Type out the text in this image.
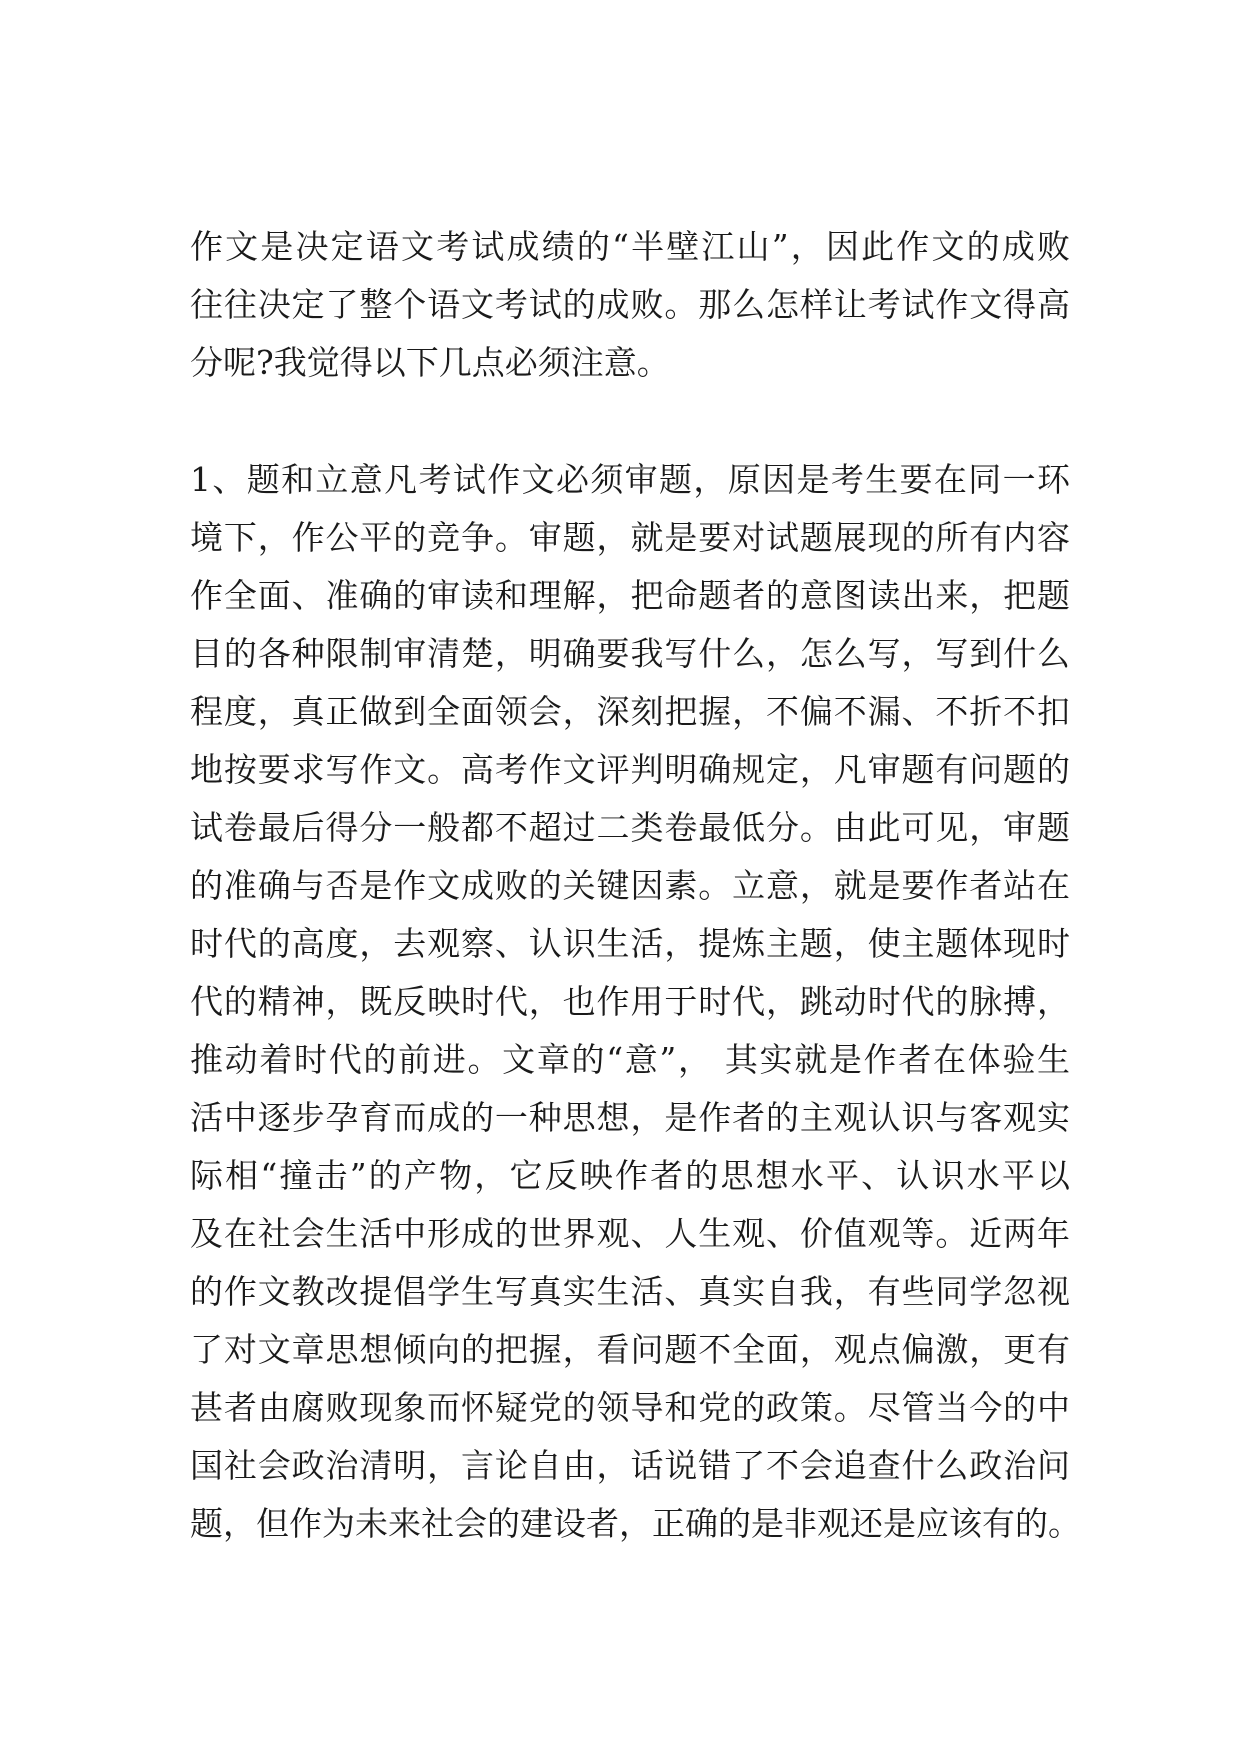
作文是决定语文考试成绩的“半壁江山”，因此作文的成败
往往决定了整个语文考试的成败。那么怎样让考试作文得高
分呢?我觉得以下几点必须注意。
1、题和立意凡考试作文必须审题，原因是考生要在同一环
境下，作公平的竞争。审题，就是要对试题展现的所有内容
作全面、准确的审读和理解，把命题者的意图读出来，把题
目的各种限制审清楚，明确要我写什么，怎么写，写到什么
程度，真正做到全面领会，深刻把握，不偏不漏、不折不扣
地按要求写作文。高考作文评判明确规定，凡审题有问题的
试卷最后得分一般都不超过二类卷最低分。由此可见，审题
的准确与否是作文成败的关键因素。立意，就是要作者站在
时代的高度，去观察、认识生活，提炼主题，使主题体现时
代的精神，既反映时代，也作用于时代，跳动时代的脉搏，
推动着时代的前进。文章的“意”， 其实就是作者在体验生
活中逐步孕育而成的一种思想，是作者的主观认识与客观实
际相“撞击”的产物，它反映作者的思想水平、认识水平以
及在社会生活中形成的世界观、人生观、价值观等。近两年
的作文教改提倡学生写真实生活、真实自我，有些同学忽视
了对文章思想倾向的把握，看问题不全面，观点偏激，更有
甚者由腐败现象而怀疑党的领导和党的政策。尽管当今的中
国社会政治清明，言论自由，话说错了不会追查什么政治问
题，但作为未来社会的建设者，正确的是非观还是应该有的。
